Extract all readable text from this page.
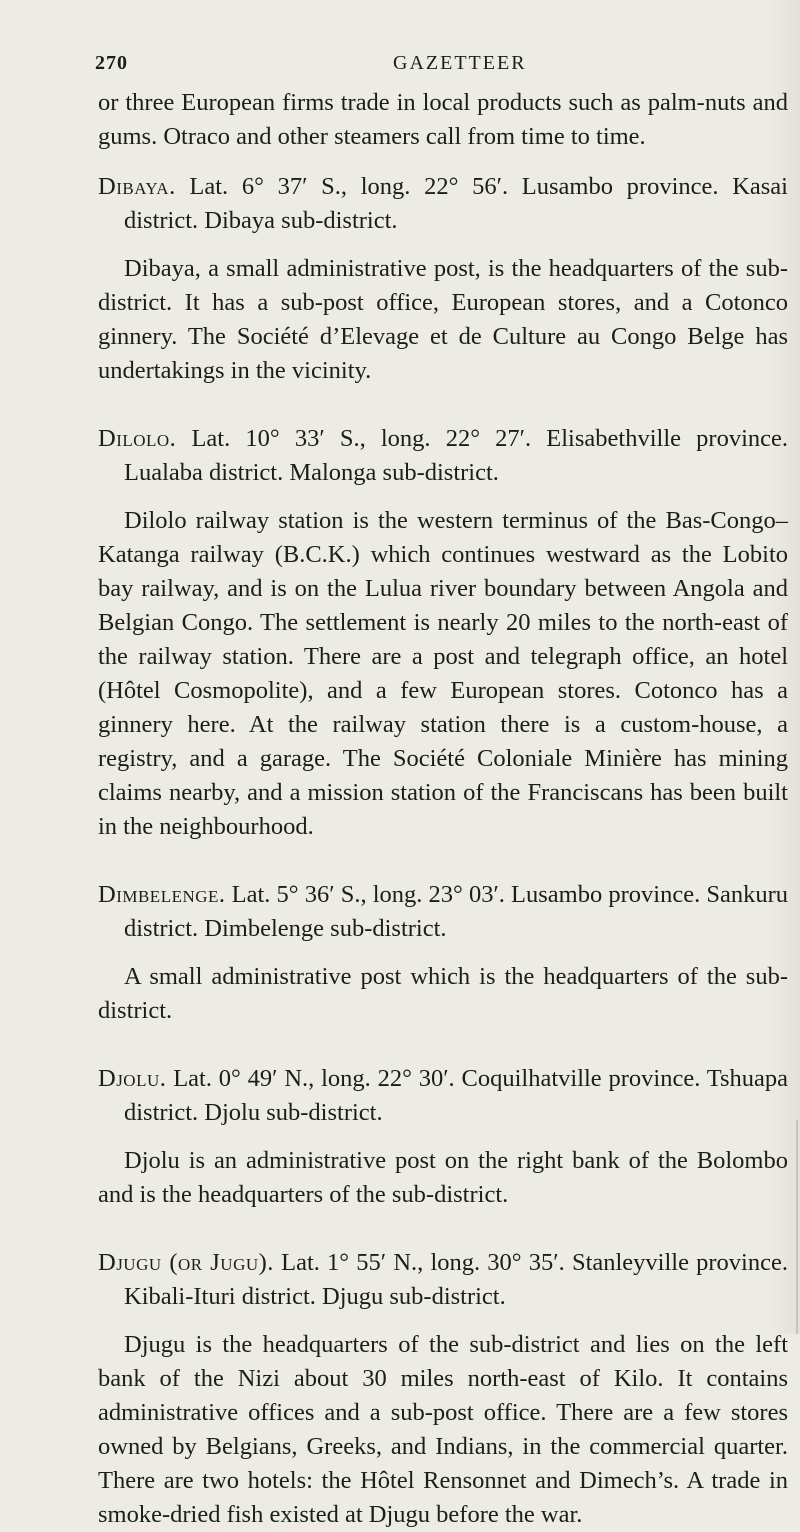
270	GAZETTEER

or three European firms trade in local products such as palm-nuts and gums. Otraco and other steamers call from time to time.

Dibaya. Lat. 6° 37′ S., long. 22° 56′. Lusambo province. Kasai district. Dibaya sub-district.

Dibaya, a small administrative post, is the headquarters of the sub-district. It has a sub-post office, European stores, and a Cotonco ginnery. The Société d’Elevage et de Culture au Congo Belge has undertakings in the vicinity.

Dilolo. Lat. 10° 33′ S., long. 22° 27′. Elisabethville province. Lualaba district. Malonga sub-district.

Dilolo railway station is the western terminus of the Bas-Congo–Katanga railway (B.C.K.) which continues westward as the Lobito bay railway, and is on the Lulua river boundary between Angola and Belgian Congo. The settlement is nearly 20 miles to the north-east of the railway station. There are a post and telegraph office, an hotel (Hôtel Cosmopolite), and a few European stores. Cotonco has a ginnery here. At the railway station there is a custom-house, a registry, and a garage. The Société Coloniale Minière has mining claims nearby, and a mission station of the Franciscans has been built in the neighbourhood.

Dimbelenge. Lat. 5° 36′ S., long. 23° 03′. Lusambo province. Sankuru district. Dimbelenge sub-district.

A small administrative post which is the headquarters of the sub-district.

Djolu. Lat. 0° 49′ N., long. 22° 30′. Coquilhatville province. Tshuapa district. Djolu sub-district.

Djolu is an administrative post on the right bank of the Bolombo and is the headquarters of the sub-district.

Djugu (or Jugu). Lat. 1° 55′ N., long. 30° 35′. Stanleyville province. Kibali-Ituri district. Djugu sub-district.

Djugu is the headquarters of the sub-district and lies on the left bank of the Nizi about 30 miles north-east of Kilo. It contains administrative offices and a sub-post office. There are a few stores owned by Belgians, Greeks, and Indians, in the commercial quarter. There are two hotels: the Hôtel Rensonnet and Dimech’s. A trade in smoke-dried fish existed at Djugu before the war.
